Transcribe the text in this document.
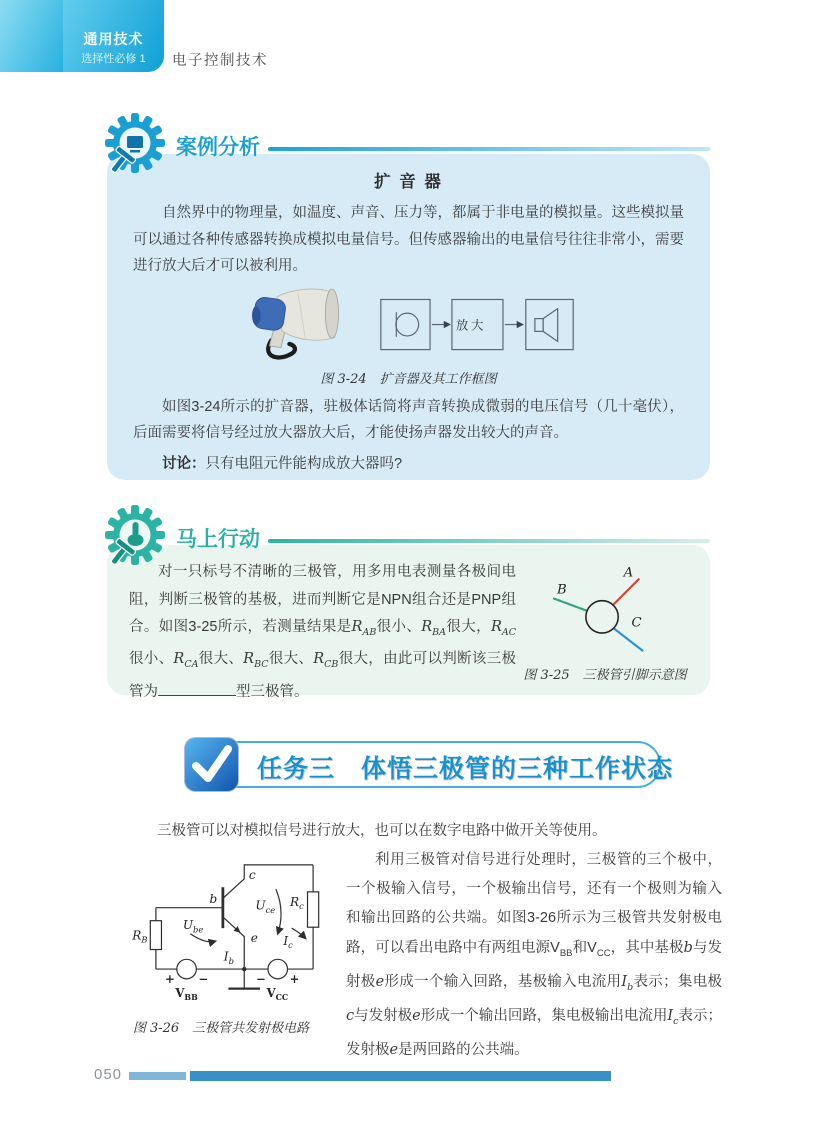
通用技术
选择性必修 1 电子控制技术
案例分析
扩 音 器
自然界中的物理量，如温度、声音、压力等，都属于非电量的模拟量。这些模拟量可以通过各种传感器转换成模拟电量信号。但传感器输出的电量信号往往非常小，需要进行放大后才可以被利用。
放大
图 3-24　扩音器及其工作框图
如图3-24所示的扩音器，驻极体话筒将声音转换成微弱的电压信号（几十毫伏），后面需要将信号经过放大器放大后，才能使扬声器发出较大的声音。
讨论：只有电阻元件能构成放大器吗?
马上行动
对一只标号不清晰的三极管，用多用电表测量各极间电阻，判断三极管的基极，进而判断它是NPN组合还是PNP组合。如图3-25所示，若测量结果是$R_{AB}$很小、$R_{BA}$很大，$R_{AC}$很小、$R_{CA}$很大、$R_{BC}$很大、$R_{CB}$很大，由此可以判断该三极管为	型三极管。
A
B
C
图 3-25　三极管引脚示意图
任务三　体悟三极管的三种工作状态
三极管可以对模拟信号进行放大，也可以在数字电路中做开关等使用。
b
c
e
$U_{be}$
$I_b$
$U_{ce}$
$I_c$
$R_B$
$R_c$
+ −
$V_{BB}$
− +
$V_{CC}$
图 3-26　三极管共发射极电路
利用三极管对信号进行处理时，三极管的三个极中，一个极输入信号，一个极输出信号，还有一个极则为输入和输出回路的公共端。如图3-26所示为三极管共发射极电路，可以看出电路中有两组电源$V_{BB}$和$V_{CC}$，其中基极b与发射极e形成一个输入回路，基极输入电流用$I_b$表示；集电极c与发射极e形成一个输出回路，集电极输出电流用$I_c$表示；发射极e是两回路的公共端。
050
